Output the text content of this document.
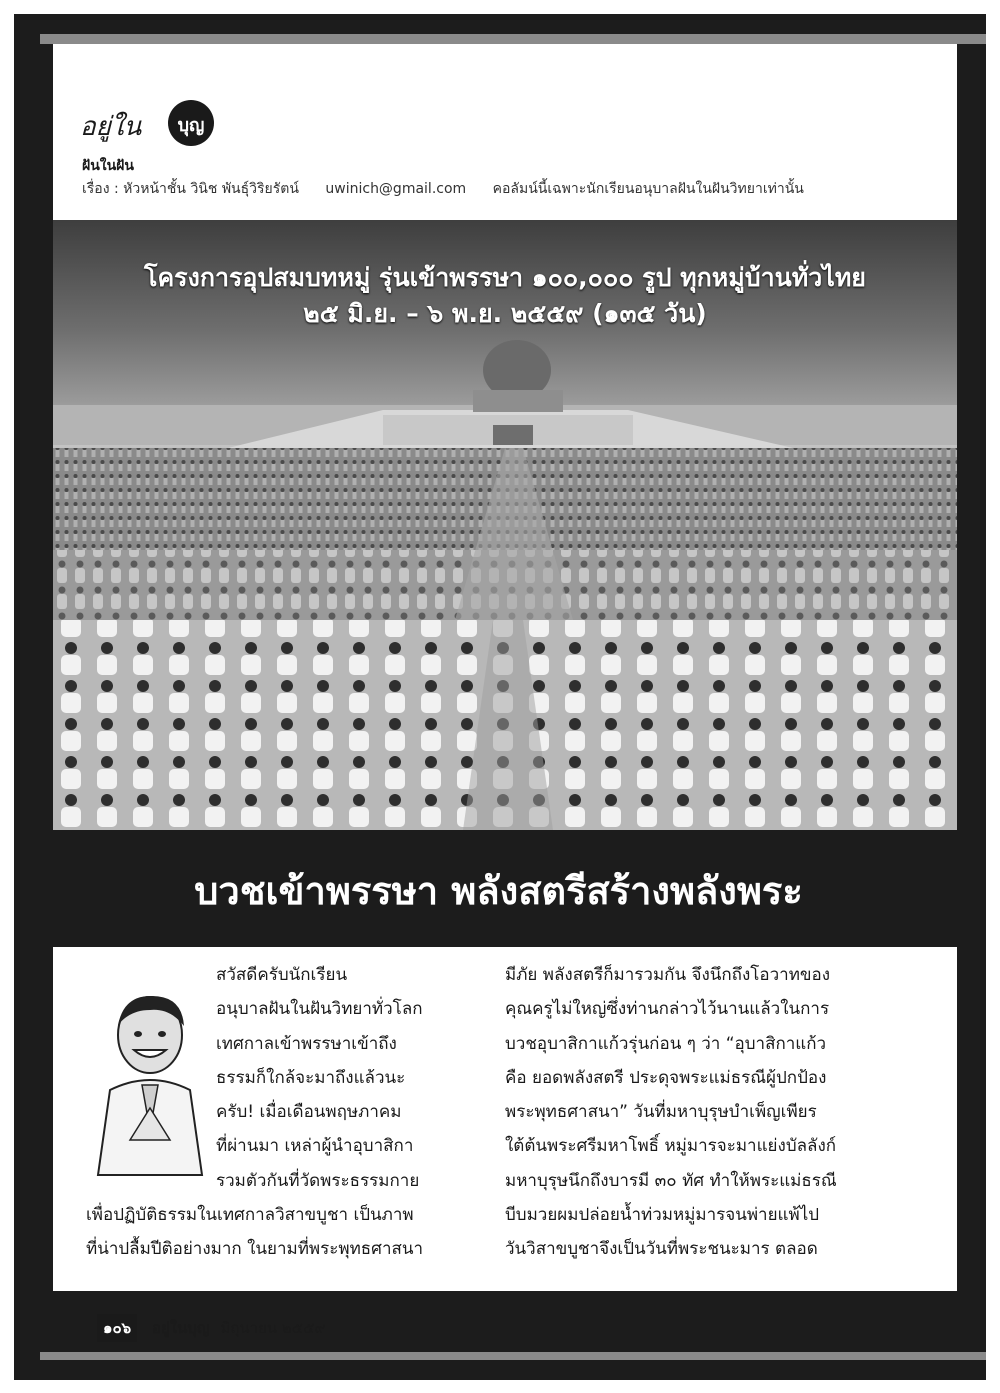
อยู่ใน	บุญ
ฝันในฝัน
เรื่อง : หัวหน้าชั้น วินิช พันธุ์วิริยรัตน์ uwinich@gmail.com คอลัมน์นี้เฉพาะนักเรียนอนุบาลฝันในฝันวิทยาเท่านั้น
โครงการอุปสมบทหมู่ รุ่นเข้าพรรษา ๑๐๐,๐๐๐ รูป ทุกหมู่บ้านทั่วไทย
๒๕ มิ.ย. – ๖ พ.ย. ๒๕๕๙ (๑๓๕ วัน)
บวชเข้าพรรษา พลังสตรีสร้างพลังพระ

สวัสดีครับนักเรียน

อนุบาลฝันในฝันวิทยาทั่วโลก

เทศกาลเข้าพรรษาเข้าถึง

ธรรมก็ใกล้จะมาถึงแล้วนะ

ครับ! เมื่อเดือนพฤษภาคม

ที่ผ่านมา เหล่าผู้นำอุบาสิกา

รวมตัวกันที่วัดพระธรรมกาย

เพื่อปฏิบัติธรรมในเทศกาลวิสาขบูชา เป็นภาพ

ที่น่าปลื้มปีติอย่างมาก ในยามที่พระพุทธศาสนา

มีภัย พลังสตรีก็มารวมกัน จึงนึกถึงโอวาทของ

คุณครูไม่ใหญ่ซึ่งท่านกล่าวไว้นานแล้วในการ

บวชอุบาสิกาแก้วรุ่นก่อน ๆ ว่า “อุบาสิกาแก้ว

คือ ยอดพลังสตรี ประดุจพระแม่ธรณีผู้ปกป้อง

พระพุทธศาสนา” วันที่มหาบุรุษบำเพ็ญเพียร

ใต้ต้นพระศรีมหาโพธิ์ หมู่มารจะมาแย่งบัลลังก์

มหาบุรุษนึกถึงบารมี ๓๐ ทัศ ทำให้พระแม่ธรณี

บีบมวยผมปล่อยน้ำท่วมหมู่มารจนพ่ายแพ้ไป

วันวิสาขบูชาจึงเป็นวันที่พระชนะมาร ตลอด

๑๐๖ อยู่ในบุญ มิถุนายน ๒๕๕๙
